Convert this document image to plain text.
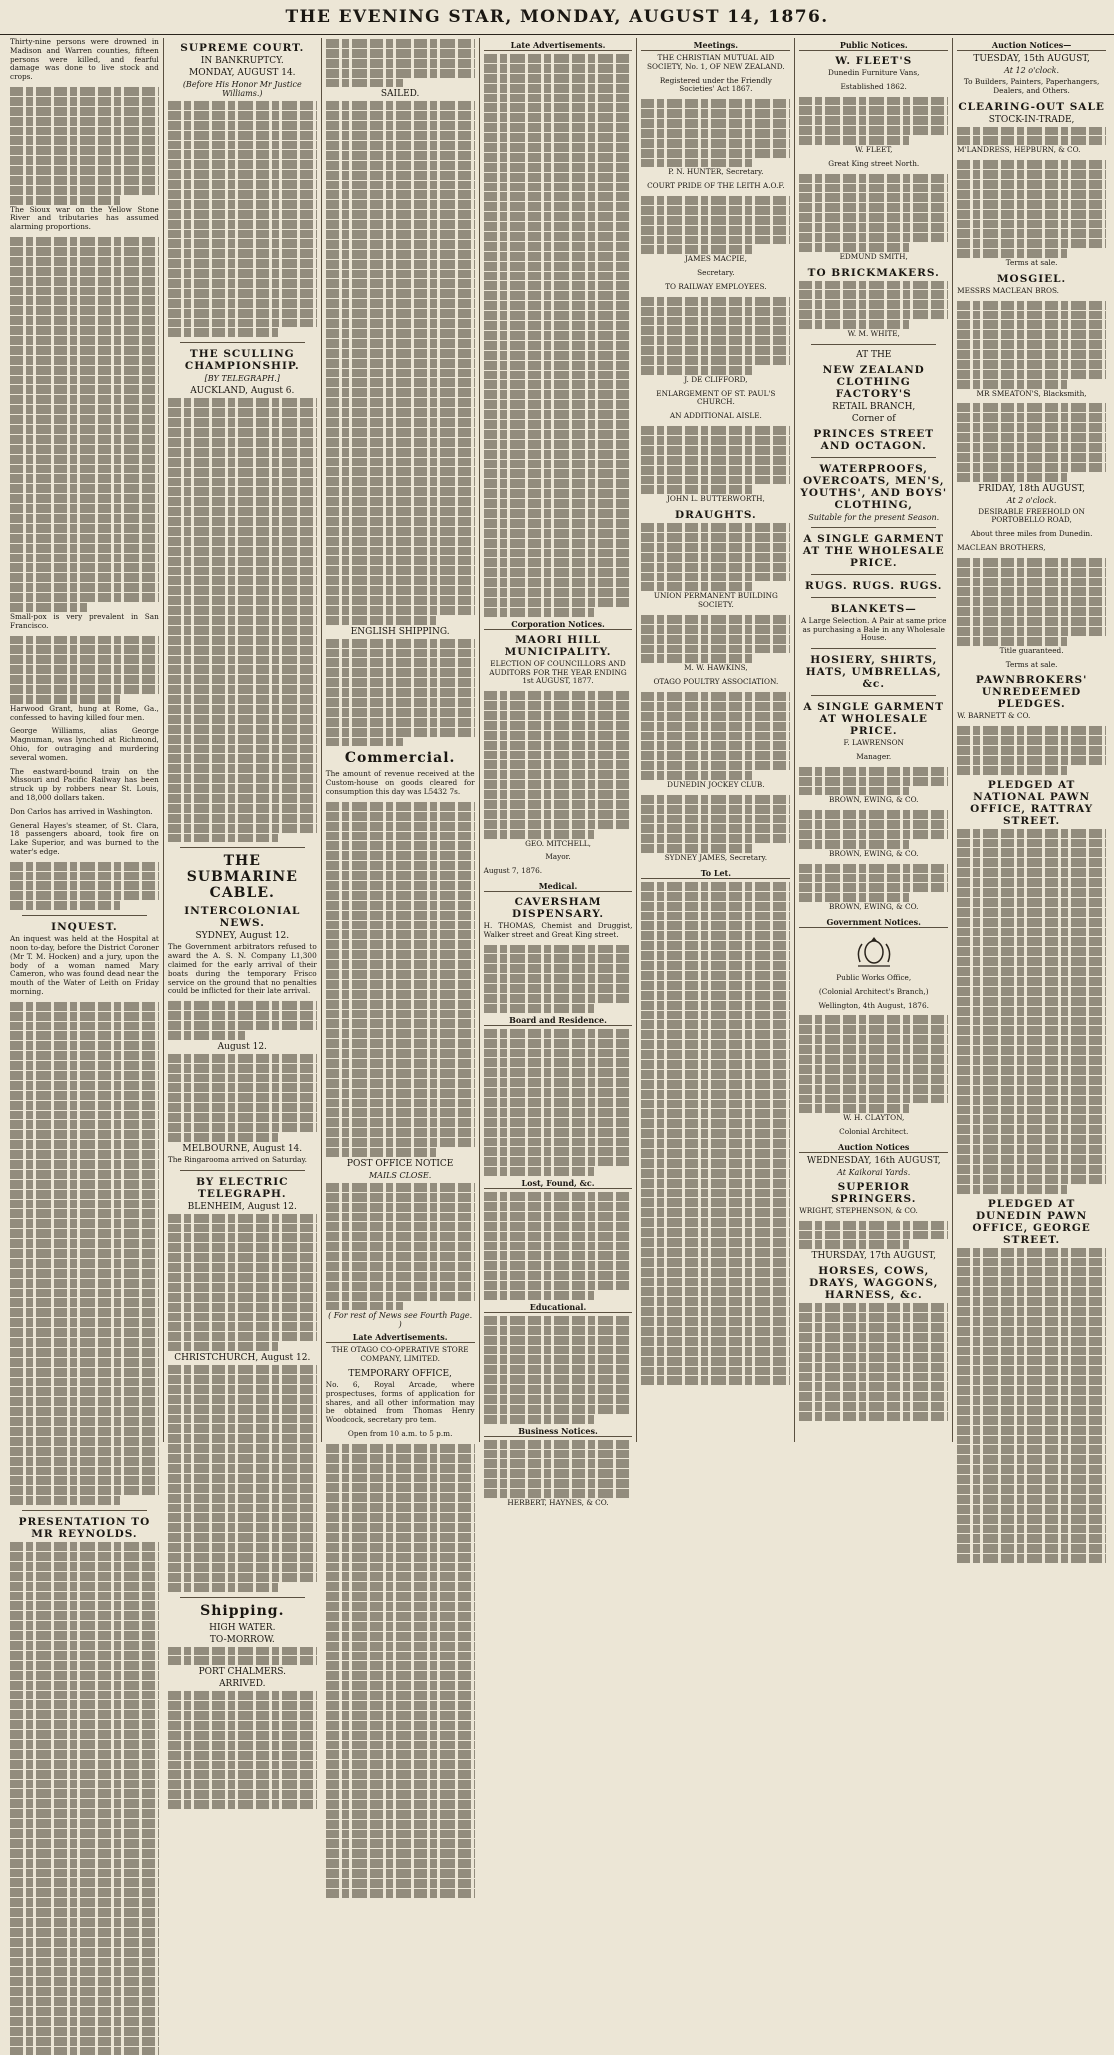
THE EVENING STAR, MONDAY, AUGUST 14, 1876.

Thirty-nine persons were drowned in Madison and Warren counties, fifteen persons were killed, and fearful damage was done to live stock and crops.

The Sioux war on the Yellow Stone River and tributaries has assumed alarming proportions.

Small-pox is very prevalent in San Francisco.

Harwood Grant, hung at Rome, Ga., confessed to having killed four men.

George Williams, alias George Magnuman, was lynched at Richmond, Ohio, for outraging and murdering several women.

The eastward-bound train on the Missouri and Pacific Railway has been struck up by robbers near St. Louis, and 18,000 dollars taken.

Don Carlos has arrived in Washington.

General Hayes's steamer, of St. Clara, 18 passengers aboard, took fire on Lake Superior, and was burned to the water's edge.

INQUEST.

An inquest was held at the Hospital at noon to-day, before the District Coroner (Mr T. M. Hocken) and a jury, upon the body of a woman named Mary Cameron, who was found dead near the mouth of the Water of Leith on Friday morning.

PRESENTATION TO MR REYNOLDS.
SUPREME COURT.
IN BANKRUPTCY.
MONDAY, AUGUST 14.
(Before His Honor Mr Justice Williams.)
THE SCULLING CHAMPIONSHIP.
[BY TELEGRAPH.]
AUCKLAND, August 6.
THE SUBMARINE CABLE.
INTERCOLONIAL NEWS.
SYDNEY, August 12.

The Government arbitrators refused to award the A. S. N. Company L1,300 claimed for the early arrival of their boats during the temporary Frisco service on the ground that no penalties could be inflicted for their late arrival.

August 12.
MELBOURNE, August 14.

The Ringarooma arrived on Saturday.

BY ELECTRIC TELEGRAPH.
BLENHEIM, August 12.
CHRISTCHURCH, August 12.
Shipping.
HIGH WATER.
TO-MORROW.
PORT CHALMERS.
ARRIVED.
SAILED.
ENGLISH SHIPPING.
Commercial.

The amount of revenue received at the Custom-house on goods cleared for consumption this day was L5432 7s.

POST OFFICE NOTICE
MAILS CLOSE.
( For rest of News see Fourth Page. )
Late Advertisements.

THE OTAGO CO-OPERATIVE STORE COMPANY, LIMITED.

TEMPORARY OFFICE,

No. 6, Royal Arcade, where prospectuses, forms of application for shares, and all other information may be obtained from Thomas Henry Woodcock, secretary pro tem.

Open from 10 a.m. to 5 p.m.

Late Advertisements.
Corporation Notices.
MAORI HILL MUNICIPALITY.

ELECTION OF COUNCILLORS AND AUDITORS FOR THE YEAR ENDING 1st AUGUST, 1877.

GEO. MITCHELL,

Mayor.

August 7, 1876.

Medical.
CAVERSHAM DISPENSARY.

H. THOMAS, Chemist and Druggist, Walker street and Great King street.

Board and Residence.
Lost, Found, &c.
Educational.
Business Notices.

HERBERT, HAYNES, & CO.

Meetings.

THE CHRISTIAN MUTUAL AID SOCIETY, No. 1, OF NEW ZEALAND.

Registered under the Friendly Societies' Act 1867.

P. N. HUNTER, Secretary.

COURT PRIDE OF THE LEITH A.O.F.

JAMES MACPIE,

Secretary.

TO RAILWAY EMPLOYEES.

J. DE CLIFFORD,

ENLARGEMENT OF ST. PAUL'S CHURCH.

AN ADDITIONAL AISLE.

JOHN L. BUTTERWORTH,

DRAUGHTS.

UNION PERMANENT BUILDING SOCIETY.

M. W. HAWKINS,

OTAGO POULTRY ASSOCIATION.

DUNEDIN JOCKEY CLUB.

SYDNEY JAMES, Secretary.

To Let.
Public Notices.
W. FLEET'S

Dunedin Furniture Vans,

Established 1862.

W. FLEET,

Great King street North.

EDMUND SMITH,

TO BRICKMAKERS.

W. M. WHITE,

AT THE
NEW ZEALAND CLOTHING FACTORY'S
RETAIL BRANCH,
Corner of
PRINCES STREET AND OCTAGON.
WATERPROOFS, OVERCOATS, MEN'S, YOUTHS', AND BOYS' CLOTHING,
Suitable for the present Season.
A SINGLE GARMENT AT THE WHOLESALE PRICE.
RUGS. RUGS. RUGS.
BLANKETS—

A Large Selection. A Pair at same price as purchasing a Bale in any Wholesale House.

HOSIERY, SHIRTS, HATS, UMBRELLAS, &c.
A SINGLE GARMENT AT WHOLESALE PRICE.

F. LAWRENSON

Manager.

BROWN, EWING, & CO.

BROWN, EWING, & CO.

BROWN, EWING, & CO.

Government Notices.

Public Works Office,

(Colonial Architect's Branch,)

Wellington, 4th August, 1876.

W. H. CLAYTON,

Colonial Architect.

Auction Notices
WEDNESDAY, 16th AUGUST,
At Kaikorai Yards.
SUPERIOR SPRINGERS.

WRIGHT, STEPHENSON, & CO.

THURSDAY, 17th AUGUST,
HORSES, COWS, DRAYS, WAGGONS, HARNESS, &c.
Auction Notices—
TUESDAY, 15th AUGUST,
At 12 o'clock.

To Builders, Painters, Paperhangers, Dealers, and Others.

CLEARING-OUT SALE
STOCK-IN-TRADE,

M'LANDRESS, HEPBURN, & CO.

Terms at sale.

MOSGIEL.

MESSRS MACLEAN BROS.

MR SMEATON'S, Blacksmith,

FRIDAY, 18th AUGUST,
At 2 o'clock.

DESIRABLE FREEHOLD ON PORTOBELLO ROAD,

About three miles from Dunedin.

MACLEAN BROTHERS,

Title guaranteed.

Terms at sale.

PAWNBROKERS' UNREDEEMED PLEDGES.

W. BARNETT & CO.

PLEDGED AT NATIONAL PAWN OFFICE, RATTRAY STREET.
PLEDGED AT DUNEDIN PAWN OFFICE, GEORGE STREET.
